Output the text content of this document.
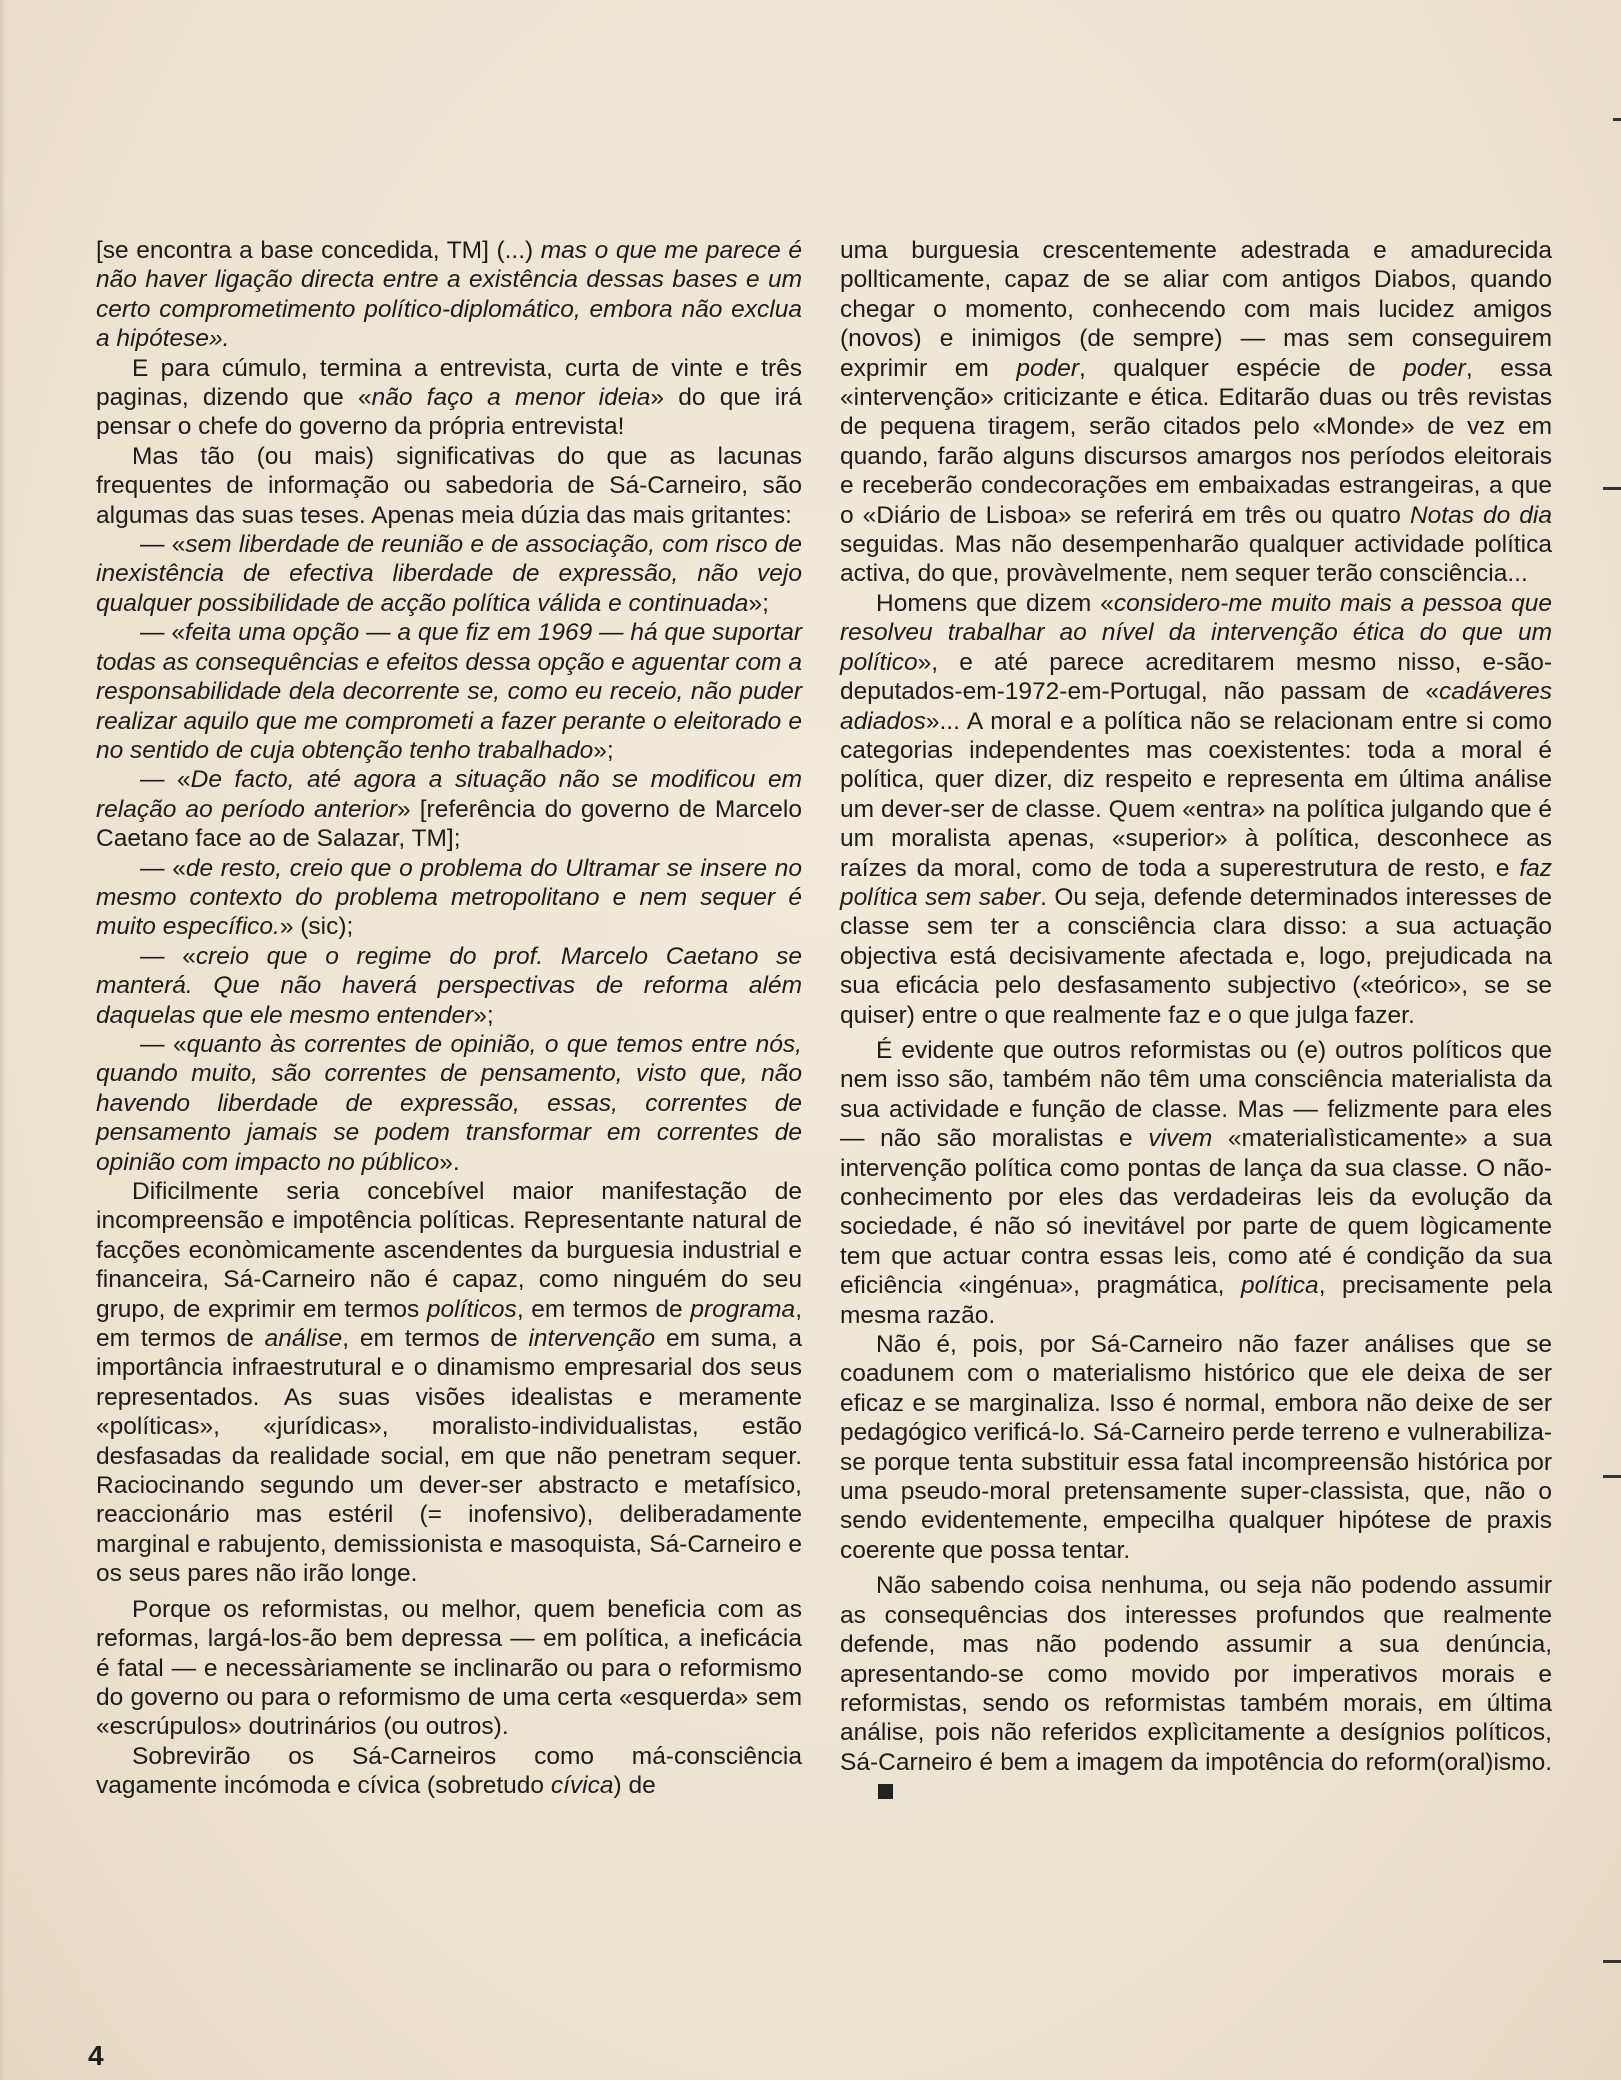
[se encontra a base concedida, TM] (...) mas o que me parece é não haver ligação directa entre a existência dessas bases e um certo comprometimento político-diplomático, embora não exclua a hipótese».

E para cúmulo, termina a entrevista, curta de vinte e três paginas, dizendo que «não faço a menor ideia» do que irá pensar o chefe do governo da própria entrevista!

Mas tão (ou mais) significativas do que as lacunas frequentes de informação ou sabedoria de Sá-Carneiro, são algumas das suas teses. Apenas meia dúzia das mais gritantes:

— «sem liberdade de reunião e de associação, com risco de inexistência de efectiva liberdade de expressão, não vejo qualquer possibilidade de acção política válida e continuada»;

— «feita uma opção — a que fiz em 1969 — há que suportar todas as consequências e efeitos dessa opção e aguentar com a responsabilidade dela decorrente se, como eu receio, não puder realizar aquilo que me comprometi a fazer perante o eleitorado e no sentido de cuja obtenção tenho trabalhado»;

— «De facto, até agora a situação não se modificou em relação ao período anterior» [referência do governo de Marcelo Caetano face ao de Salazar, TM];

— «de resto, creio que o problema do Ultramar se insere no mesmo contexto do problema metropolitano e nem sequer é muito específico.» (sic);

— «creio que o regime do prof. Marcelo Caetano se manterá. Que não haverá perspectivas de reforma além daquelas que ele mesmo entender»;

— «quanto às correntes de opinião, o que temos entre nós, quando muito, são correntes de pensamento, visto que, não havendo liberdade de expressão, essas, correntes de pensamento jamais se podem transformar em correntes de opinião com impacto no público».

Dificilmente seria concebível maior manifestação de incompreensão e impotência políticas. Representante natural de facções econòmicamente ascendentes da burguesia industrial e financeira, Sá-Carneiro não é capaz, como ninguém do seu grupo, de exprimir em termos políticos, em termos de programa, em termos de análise, em termos de intervenção em suma, a importância infraestrutural e o dinamismo empresarial dos seus representados. As suas visões idealistas e meramente «políticas», «jurídicas», moralisto-individualistas, estão desfasadas da realidade social, em que não penetram sequer. Raciocinando segundo um dever-ser abstracto e metafísico, reaccionário mas estéril (= inofensivo), deliberadamente marginal e rabujento, demissionista e masoquista, Sá-Carneiro e os seus pares não irão longe.

Porque os reformistas, ou melhor, quem beneficia com as reformas, largá-los-ão bem depressa — em política, a ineficácia é fatal — e necessàriamente se inclinarão ou para o reformismo do governo ou para o reformismo de uma certa «esquerda» sem «escrúpulos» doutrinários (ou outros).

Sobrevirão os Sá-Carneiros como má-consciência vagamente incómoda e cívica (sobretudo cívica) de

uma burguesia crescentemente adestrada e amadurecida pollticamente, capaz de se aliar com antigos Diabos, quando chegar o momento, conhecendo com mais lucidez amigos (novos) e inimigos (de sempre) — mas sem conseguirem exprimir em poder, qualquer espécie de poder, essa «intervenção» criticizante e ética. Editarão duas ou três revistas de pequena tiragem, serão citados pelo «Monde» de vez em quando, farão alguns discursos amargos nos períodos eleitorais e receberão condecorações em embaixadas estrangeiras, a que o «Diário de Lisboa» se referirá em três ou quatro Notas do dia seguidas. Mas não desempenharão qualquer actividade política activa, do que, provàvelmente, nem sequer terão consciência...

Homens que dizem «considero-me muito mais a pessoa que resolveu trabalhar ao nível da intervenção ética do que um político», e até parece acreditarem mesmo nisso, e-são-deputados-em-1972-em-Portugal, não passam de «cadáveres adiados»... A moral e a política não se relacionam entre si como categorias independentes mas coexistentes: toda a moral é política, quer dizer, diz respeito e representa em última análise um dever-ser de classe. Quem «entra» na política julgando que é um moralista apenas, «superior» à política, desconhece as raízes da moral, como de toda a superestrutura de resto, e faz política sem saber. Ou seja, defende determinados interesses de classe sem ter a consciência clara disso: a sua actuação objectiva está decisivamente afectada e, logo, prejudicada na sua eficácia pelo desfasamento subjectivo («teórico», se se quiser) entre o que realmente faz e o que julga fazer.

É evidente que outros reformistas ou (e) outros políticos que nem isso são, também não têm uma consciência materialista da sua actividade e função de classe. Mas — felizmente para eles — não são moralistas e vivem «materialìsticamente» a sua intervenção política como pontas de lança da sua classe. O não-conhecimento por eles das verdadeiras leis da evolução da sociedade, é não só inevitável por parte de quem lògicamente tem que actuar contra essas leis, como até é condição da sua eficiência «ingénua», pragmática, política, precisamente pela mesma razão.

Não é, pois, por Sá-Carneiro não fazer análises que se coadunem com o materialismo histórico que ele deixa de ser eficaz e se marginaliza. Isso é normal, embora não deixe de ser pedagógico verificá-lo. Sá-Carneiro perde terreno e vulnerabiliza-se porque tenta substituir essa fatal incompreensão histórica por uma pseudo-moral pretensamente super-classista, que, não o sendo evidentemente, empecilha qualquer hipótese de praxis coerente que possa tentar.

Não sabendo coisa nenhuma, ou seja não podendo assumir as consequências dos interesses profundos que realmente defende, mas não podendo assumir a sua denúncia, apresentando-se como movido por imperativos morais e reformistas, sendo os reformistas também morais, em última análise, pois não referidos explìcitamente a desígnios políticos, Sá-Carneiro é bem a imagem da impotência do reform(oral)ismo.

4
